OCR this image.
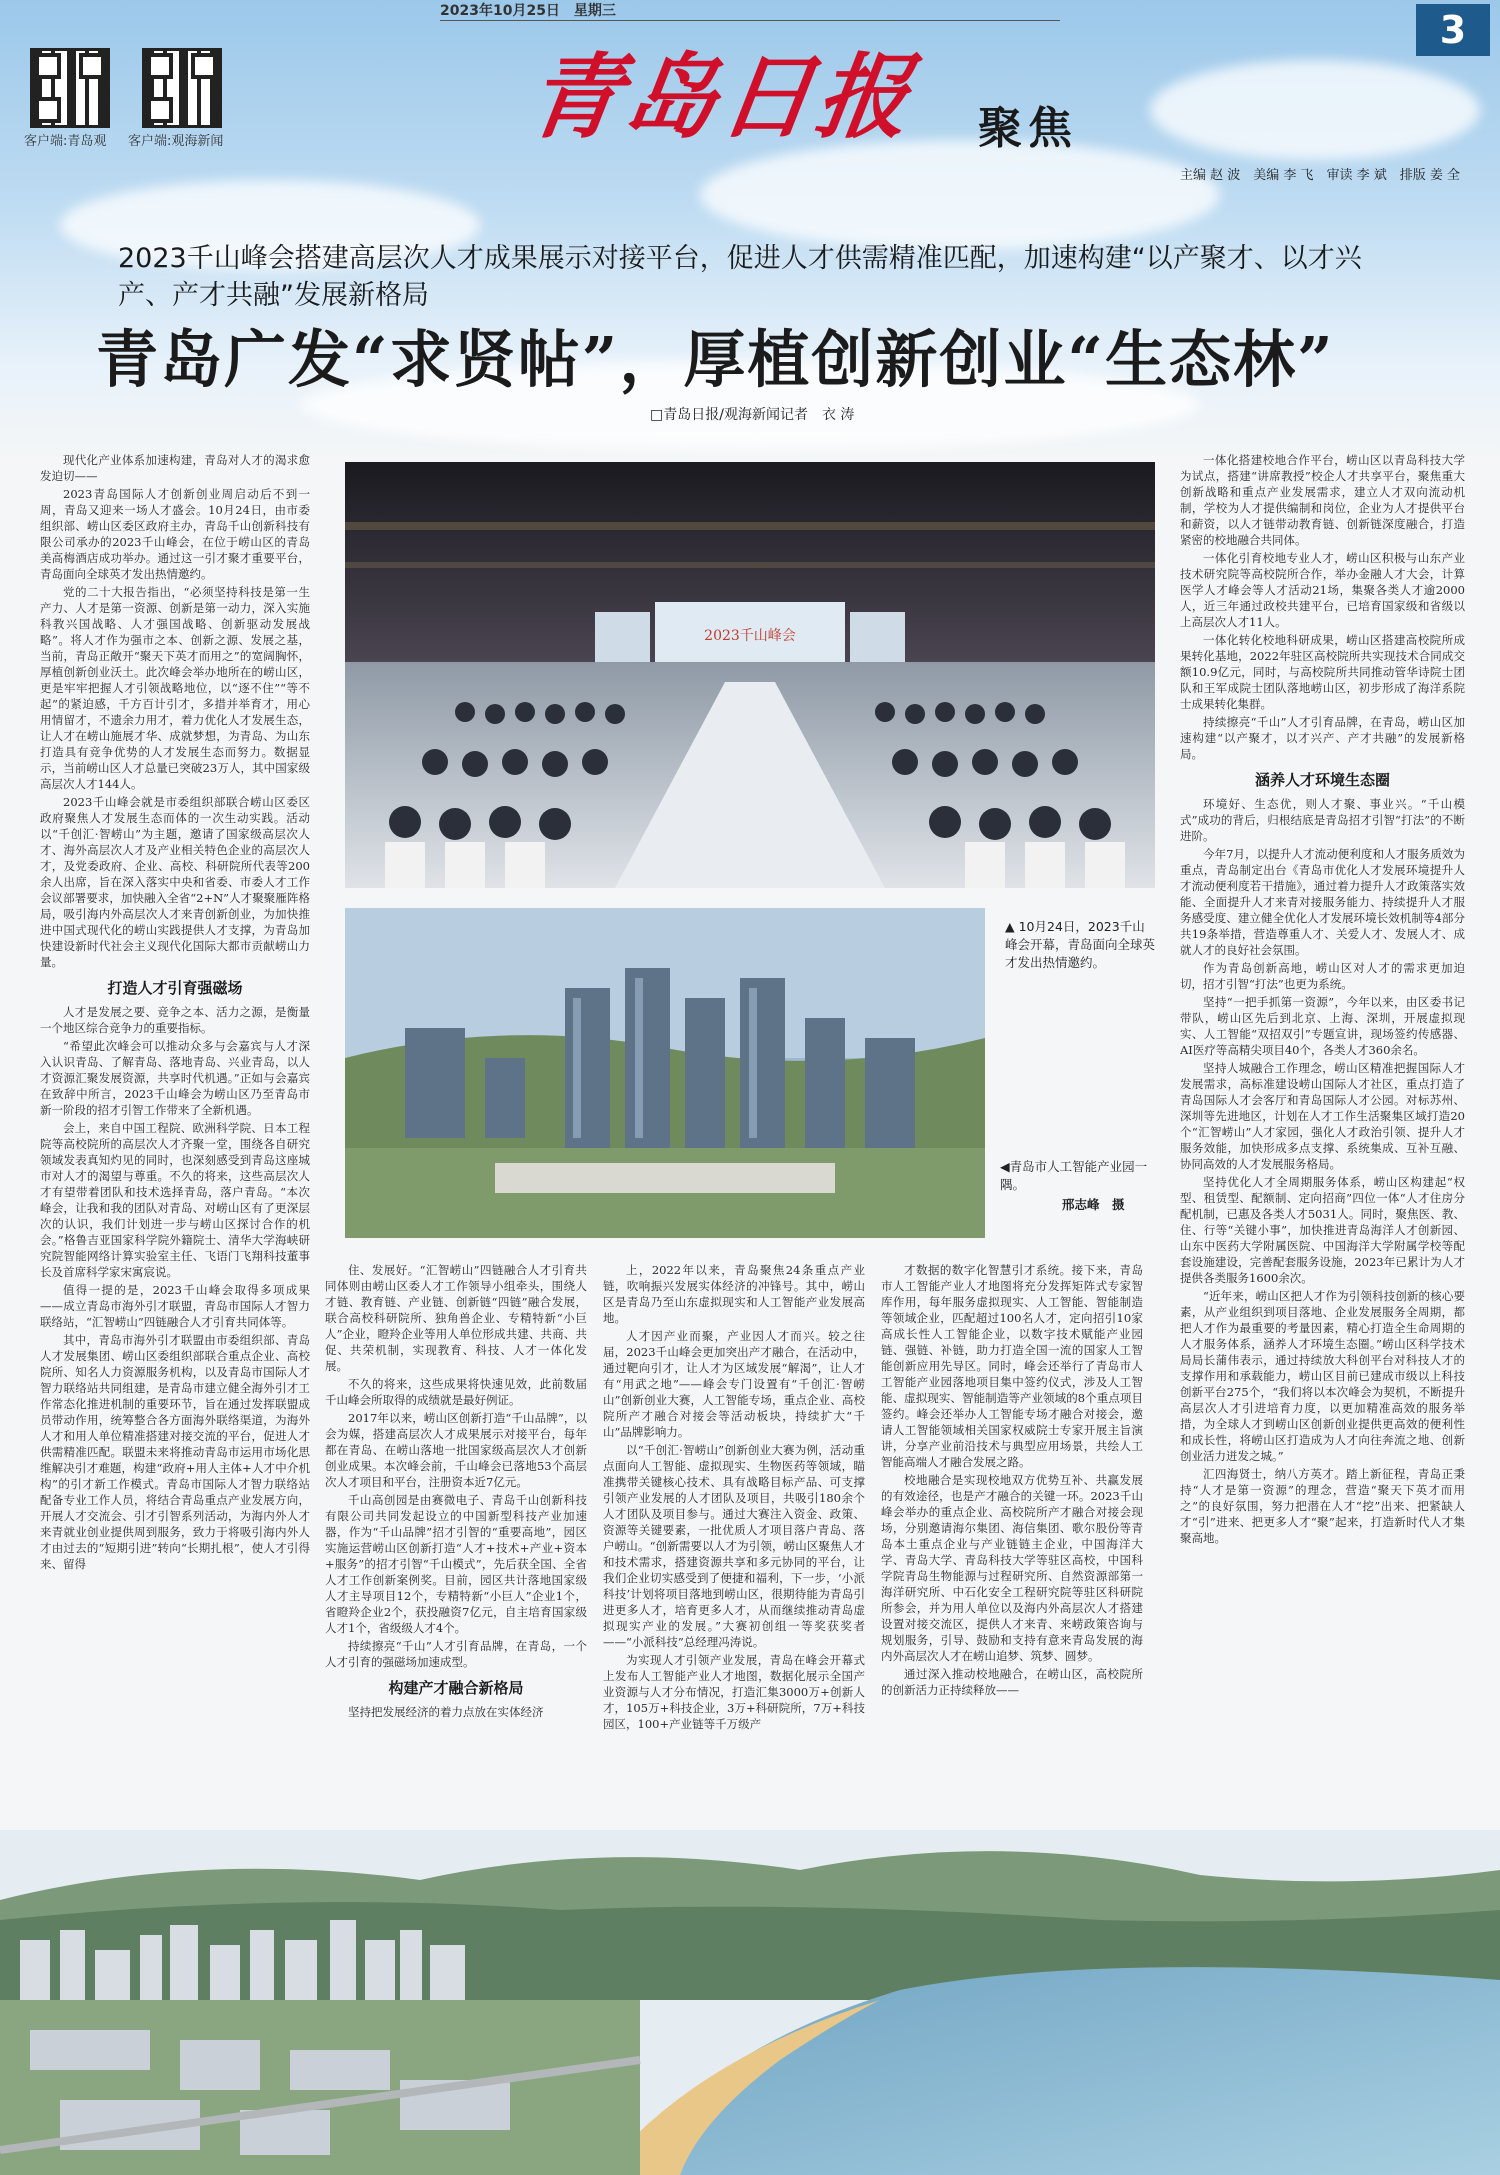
2023年10月25日　星期三
客户端:青岛观 客户端:观海新闻	青岛日报 聚焦
3
主编 赵 波　美编 李 飞　审读 李 斌　排版 姜 全
2023千山峰会搭建高层次人才成果展示对接平台，促进人才供需精准匹配，加速构建“以产聚才、以才兴产、产才共融”发展新格局
青岛广发“求贤帖”，厚植创新创业“生态林”
□青岛日报/观海新闻记者　衣 涛
2023千山峰会
▲ 10月24日，2023千山峰会开幕，青岛面向全球英才发出热情邀约。
◀青岛市人工智能产业园一隅。
邢志峰　摄

现代化产业体系加速构建，青岛对人才的渴求愈发迫切——

2023青岛国际人才创新创业周启动后不到一周，青岛又迎来一场人才盛会。10月24日，由市委组织部、崂山区委区政府主办，青岛千山创新科技有限公司承办的2023千山峰会，在位于崂山区的青岛美高梅酒店成功举办。通过这一引才聚才重要平台，青岛面向全球英才发出热情邀约。

党的二十大报告指出，“必须坚持科技是第一生产力、人才是第一资源、创新是第一动力，深入实施科教兴国战略、人才强国战略、创新驱动发展战略”。将人才作为强市之本、创新之源、发展之基，当前，青岛正敞开“聚天下英才而用之”的宽阔胸怀，厚植创新创业沃土。此次峰会举办地所在的崂山区，更是牢牢把握人才引领战略地位，以“逐不住”“等不起”的紧迫感，千方百计引才，多措并举育才，用心用情留才，不遗余力用才，着力优化人才发展生态，让人才在崂山施展才华、成就梦想，为青岛、为山东打造具有竞争优势的人才发展生态而努力。数据显示，当前崂山区人才总量已突破23万人，其中国家级高层次人才144人。

2023千山峰会就是市委组织部联合崂山区委区政府聚焦人才发展生态而体的一次生动实践。活动以“千创汇·智崂山”为主题，邀请了国家级高层次人才、海外高层次人才及产业相关特色企业的高层次人才，及党委政府、企业、高校、科研院所代表等200余人出席，旨在深入落实中央和省委、市委人才工作会议部署要求，加快融入全省“2+N”人才聚聚雁阵格局，吸引海内外高层次人才来青创新创业，为加快推进中国式现代化的崂山实践提供人才支撑，为青岛加快建设新时代社会主义现代化国际大都市贡献崂山力量。

打造人才引育强磁场

人才是发展之要、竞争之本、活力之源，是衡量一个地区综合竞争力的重要指标。

“希望此次峰会可以推动众多与会嘉宾与人才深入认识青岛、了解青岛、落地青岛、兴业青岛，以人才资源汇聚发展资源，共享时代机遇。”正如与会嘉宾在致辞中所言，2023千山峰会为崂山区乃至青岛市新一阶段的招才引智工作带来了全新机遇。

会上，来自中国工程院、欧洲科学院、日本工程院等高校院所的高层次人才齐聚一堂，围绕各自研究领域发表真知灼见的同时，也深刻感受到青岛这座城市对人才的渴望与尊重。不久的将来，这些高层次人才有望带着团队和技术选择青岛，落户青岛。“本次峰会，让我和我的团队对青岛、对崂山区有了更深层次的认识，我们计划进一步与崂山区探讨合作的机会。”格鲁吉亚国家科学院外籍院士、清华大学海峡研究院智能网络计算实验室主任、飞语门飞翔科技董事长及首席科学家宋寓宸说。

值得一提的是，2023千山峰会取得多项成果——成立青岛市海外引才联盟，青岛市国际人才智力联络站，“汇智崂山”四链融合人才引育共同体等。

其中，青岛市海外引才联盟由市委组织部、青岛人才发展集团、崂山区委组织部联合重点企业、高校院所、知名人力资源服务机构，以及青岛市国际人才智力联络站共同组建，是青岛市建立健全海外引才工作常态化推进机制的重要环节，旨在通过发挥联盟成员带动作用，统筹整合各方面海外联络渠道，为海外人才和用人单位精准搭建对接交流的平台，促进人才供需精准匹配。联盟未来将推动青岛市运用市场化思维解决引才难题，构建“政府+用人主体+人才中介机构”的引才新工作模式。青岛市国际人才智力联络站配备专业工作人员，将结合青岛重点产业发展方向，开展人才交流会、引才引智系列活动，为海内外人才来青就业创业提供周到服务，致力于将吸引海内外人才由过去的“短期引进”转向“长期扎根”，使人才引得来、留得

住、发展好。“汇智崂山”四链融合人才引育共同体则由崂山区委人才工作领导小组牵头，围绕人才链、教育链、产业链、创新链“四链”融合发展，联合高校科研院所、独角兽企业、专精特新“小巨人”企业，瞪羚企业等用人单位形成共建、共商、共促、共荣机制，实现教育、科技、人才一体化发展。

不久的将来，这些成果将快速见效，此前数届千山峰会所取得的成绩就是最好例证。

2017年以来，崂山区创新打造“千山品牌”，以会为媒，搭建高层次人才成果展示对接平台，每年都在青岛、在崂山落地一批国家级高层次人才创新创业成果。本次峰会前，千山峰会已落地53个高层次人才项目和平台，注册资本近7亿元。

千山高创园是由赛微电子、青岛千山创新科技有限公司共同发起设立的中国新型科技产业加速器，作为“千山品牌”招才引智的“重要高地”，园区实施运营崂山区创新打造“人才+技术+产业+资本+服务”的招才引智“千山模式”，先后获全国、全省人才工作创新案例奖。目前，园区共计落地国家级人才主导项目12个，专精特新“小巨人”企业1个，省瞪羚企业2个，获投融资7亿元，自主培育国家级人才1个，省级级人才4个。

持续擦亮“千山”人才引育品牌，在青岛，一个人才引育的强磁场加速成型。

构建产才融合新格局

坚持把发展经济的着力点放在实体经济

上，2022年以来，青岛聚焦24条重点产业链，吹响振兴发展实体经济的冲锋号。其中，崂山区是青岛乃至山东虚拟现实和人工智能产业发展高地。

人才因产业而聚，产业因人才而兴。较之往届，2023千山峰会更加突出产才融合，在活动中，通过靶向引才，让人才为区域发展“解渴”，让人才有“用武之地”——峰会专门设置有“千创汇·智崂山”创新创业大赛，人工智能专场，重点企业、高校院所产才融合对接会等活动板块，持续扩大“千山”品牌影响力。

以“千创汇·智崂山”创新创业大赛为例，活动重点面向人工智能、虚拟现实、生物医药等领域，瞄准携带关键核心技术、具有战略目标产品、可支撑引领产业发展的人才团队及项目，共吸引180余个人才团队及项目参与。通过大赛注入资金、政策、资源等关键要素，一批优质人才项目落户青岛、落户崂山。“创新需要以人才为引领，崂山区聚焦人才和技术需求，搭建资源共享和多元协同的平台，让我们企业切实感受到了便捷和福利，下一步，‘小派科技’计划将项目落地到崂山区，很期待能为青岛引进更多人才，培育更多人才，从而继续推动青岛虚拟现实产业的发展。”大赛初创组一等奖获奖者——“小派科技”总经理冯涛说。

为实现人才引领产业发展，青岛在峰会开幕式上发布人工智能产业人才地图，数据化展示全国产业资源与人才分布情况，打造汇集3000万+创新人才，105万+科技企业，3万+科研院所，7万+科技园区，100+产业链等千万级产

才数据的数字化智慧引才系统。接下来，青岛市人工智能产业人才地图将充分发挥矩阵式专家智库作用，每年服务虚拟现实、人工智能、智能制造等领域企业，匹配超过100名人才，定向招引10家高成长性人工智能企业，以数字技术赋能产业园链、强链、补链，助力打造全国一流的国家人工智能创新应用先导区。同时，峰会还举行了青岛市人工智能产业园落地项目集中签约仪式，涉及人工智能、虚拟现实、智能制造等产业领域的8个重点项目签约。峰会还举办人工智能专场才融合对接会，邀请人工智能领域相关国家权威院士专家开展主旨演讲，分享产业前沿技术与典型应用场景，共绘人工智能高端人才融合发展之路。

校地融合是实现校地双方优势互补、共赢发展的有效途径，也是产才融合的关键一环。2023千山峰会举办的重点企业、高校院所产才融合对接会现场，分别邀请海尔集团、海信集团、歌尔股份等青岛本土重点企业与产业链链主企业，中国海洋大学、青岛大学、青岛科技大学等驻区高校，中国科学院青岛生物能源与过程研究所、自然资源部第一海洋研究所、中石化安全工程研究院等驻区科研院所参会，并为用人单位以及海内外高层次人才搭建设置对接交流区，提供人才来青、来崂政策咨询与规划服务，引导、鼓励和支持有意来青岛发展的海内外高层次人才在崂山追梦、筑梦、圆梦。

通过深入推动校地融合，在崂山区，高校院所的创新活力正持续释放——

一体化搭建校地合作平台，崂山区以青岛科技大学为试点，搭建“讲席教授”校企人才共享平台，聚焦重大创新战略和重点产业发展需求，建立人才双向流动机制，学校为人才提供编制和岗位，企业为人才提供平台和薪资，以人才链带动教育链、创新链深度融合，打造紧密的校地融合共同体。

一体化引育校地专业人才，崂山区积极与山东产业技术研究院等高校院所合作，举办金融人才大会，计算医学人才峰会等人才活动21场，集聚各类人才逾2000人，近三年通过政校共建平台，已培育国家级和省级以上高层次人才11人。

一体化转化校地科研成果，崂山区搭建高校院所成果转化基地，2022年驻区高校院所共实现技术合同成交额10.9亿元，同时，与高校院所共同推动管华诗院士团队和王军成院士团队落地崂山区，初步形成了海洋系院士成果转化集群。

持续擦亮“千山”人才引育品牌，在青岛，崂山区加速构建“以产聚才，以才兴产、产才共融”的发展新格局。

涵养人才环境生态圈

环境好、生态优，则人才聚、事业兴。“千山模式”成功的背后，归根结底是青岛招才引智“打法”的不断进阶。

今年7月，以提升人才流动便利度和人才服务质效为重点，青岛制定出台《青岛市优化人才发展环境提升人才流动便利度若干措施》，通过着力提升人才政策落实效能、全面提升人才来青对接服务能力、持续提升人才服务感受度、建立健全优化人才发展环境长效机制等4部分共19条举措，营造尊重人才、关爱人才、发展人才、成就人才的良好社会氛围。

作为青岛创新高地，崂山区对人才的需求更加迫切，招才引智“打法”也更为系统。

坚持“一把手抓第一资源”，今年以来，由区委书记带队，崂山区先后到北京、上海、深圳，开展虚拟现实、人工智能“双招双引”专题宣讲，现场签约传感器、AI医疗等高精尖项目40个，各类人才360余名。

坚持人城融合工作理念，崂山区精准把握国际人才发展需求，高标准建设崂山国际人才社区，重点打造了青岛国际人才会客厅和青岛国际人才公园。对标苏州、深圳等先进地区，计划在人才工作生活聚集区域打造20个“汇智崂山”人才家园，强化人才政治引领、提升人才服务效能，加快形成多点支撑、系统集成、互补互融、协同高效的人才发展服务格局。

坚持优化人才全周期服务体系，崂山区构建起“权型、租赁型、配额制、定向招商”四位一体“人才住房分配机制，已惠及各类人才5031人。同时，聚焦医、教、住、行等“关键小事”，加快推进青岛海洋人才创新园、山东中医药大学附属医院、中国海洋大学附属学校等配套设施建设，完善配套服务设施，2023年已累计为人才提供各类服务1600余次。

“近年来，崂山区把人才作为引领科技创新的核心要素，从产业组织到项目落地、企业发展服务全周期，都把人才作为最重要的考量因素，精心打造全生命周期的人才服务体系，涵养人才环境生态圈。”崂山区科学技术局局长蒲伟表示，通过持续放大科创平台对科技人才的支撑作用和承载能力，崂山区目前已建成市级以上科技创新平台275个，“我们将以本次峰会为契机，不断提升高层次人才引进培育力度，以更加精准高效的服务举措，为全球人才到崂山区创新创业提供更高效的便利性和成长性，将崂山区打造成为人才向往奔流之地、创新创业活力迸发之城。”

汇四海贤士，纳八方英才。踏上新征程，青岛正秉持“人才是第一资源”的理念，营造“聚天下英才而用之”的良好氛围，努力把潜在人才“挖”出来、把紧缺人才“引”进来、把更多人才“聚”起来，打造新时代人才集聚高地。
